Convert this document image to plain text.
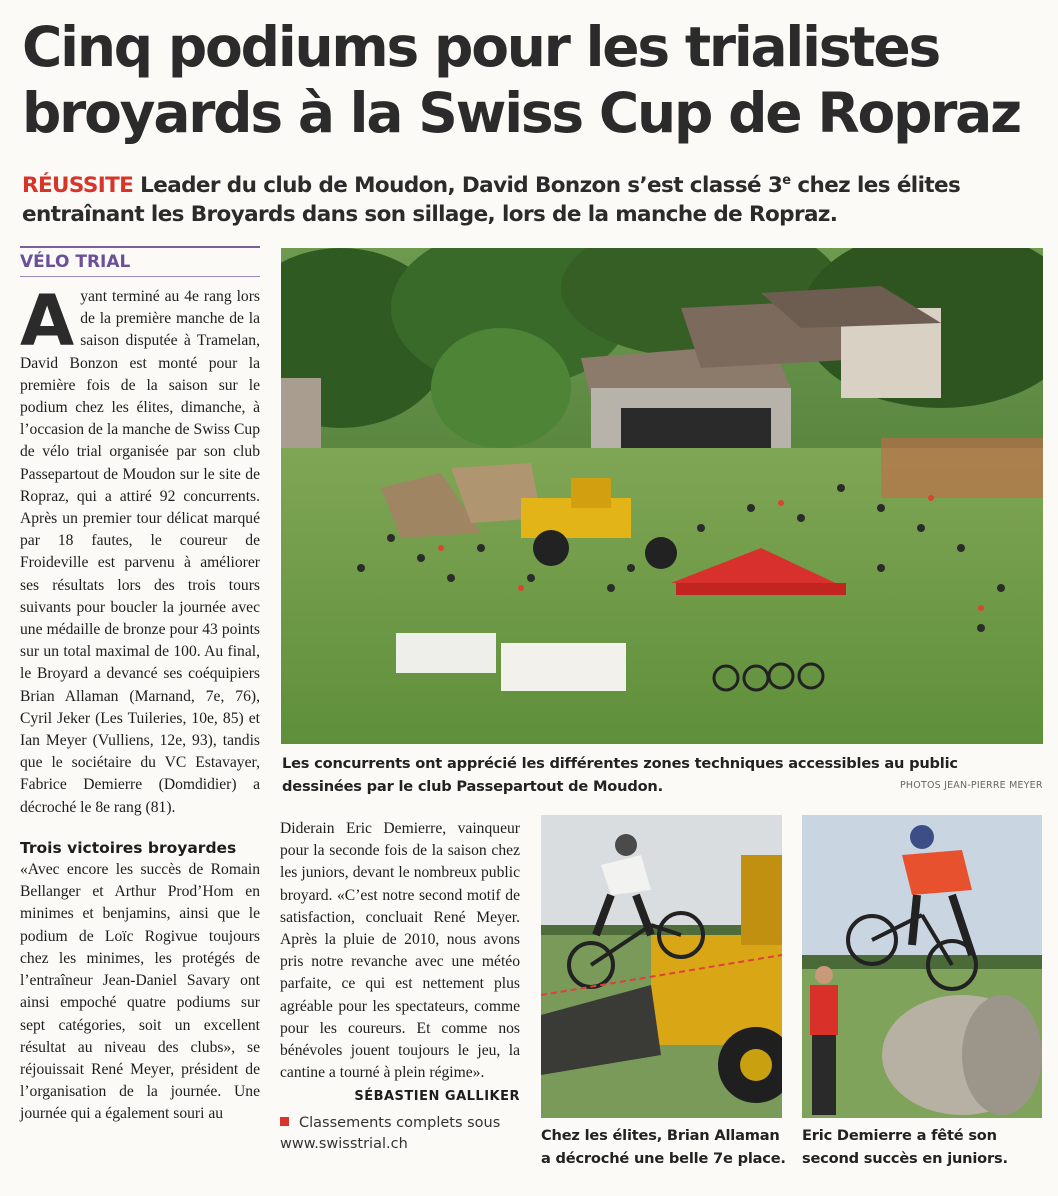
Cinq podiums pour les trialistes broyards à la Swiss Cup de Ropraz
RÉUSSITE Leader du club de Moudon, David Bonzon s’est classé 3e chez les élites entraînant les Broyards dans son sillage, lors de la manche de Ropraz.
VÉLO TRIAL

Ayant terminé au 4e rang lors de la première manche de la saison disputée à Tramelan, David Bonzon est monté pour la première fois de la saison sur le podium chez les élites, dimanche, à l’occasion de la manche de Swiss Cup de vélo trial organisée par son club Passepartout de Moudon sur le site de Ropraz, qui a attiré 92 concurrents. Après un premier tour délicat marqué par 18 fautes, le coureur de Froideville est parvenu à améliorer ses résultats lors des trois tours suivants pour boucler la journée avec une médaille de bronze pour 43 points sur un total maximal de 100. Au final, le Broyard a devancé ses coéquipiers Brian Allaman (Marnand, 7e, 76), Cyril Jeker (Les Tuileries, 10e, 85) et Ian Meyer (Vulliens, 12e, 93), tandis que le sociétaire du VC Estavayer, Fabrice Demierre (Domdidier) a décroché le 8e rang (81).

Trois victoires broyardes

«Avec encore les succès de Romain Bellanger et Arthur Prod’Hom en minimes et benjamins, ainsi que le podium de Loïc Rogivue toujours chez les minimes, les protégés de l’entraîneur Jean-Daniel Savary ont ainsi empoché quatre podiums sur sept catégories, soit un excellent résultat au niveau des clubs», se réjouissait René Meyer, président de l’organisation de la journée. Une journée qui a également souri au

Diderain Eric Demierre, vainqueur pour la seconde fois de la saison chez les juniors, devant le nombreux public broyard. «C’est notre second motif de satisfaction, concluait René Meyer. Après la pluie de 2010, nous avons pris notre revanche avec une météo parfaite, ce qui est nettement plus agréable pour les spectateurs, comme pour les coureurs. Et comme nos bénévoles jouent toujours le jeu, la cantine a tourné à plein régime».

SÉBASTIEN GALLIKER

Classements complets sous www.swisstrial.ch

Les concurrents ont apprécié les différentes zones techniques accessibles au public dessinées par le club Passepartout de Moudon.	PHOTOS JEAN-PIERRE MEYER
Chez les élites, Brian Allaman a décroché une belle 7e place.
Eric Demierre a fêté son second succès en juniors.
